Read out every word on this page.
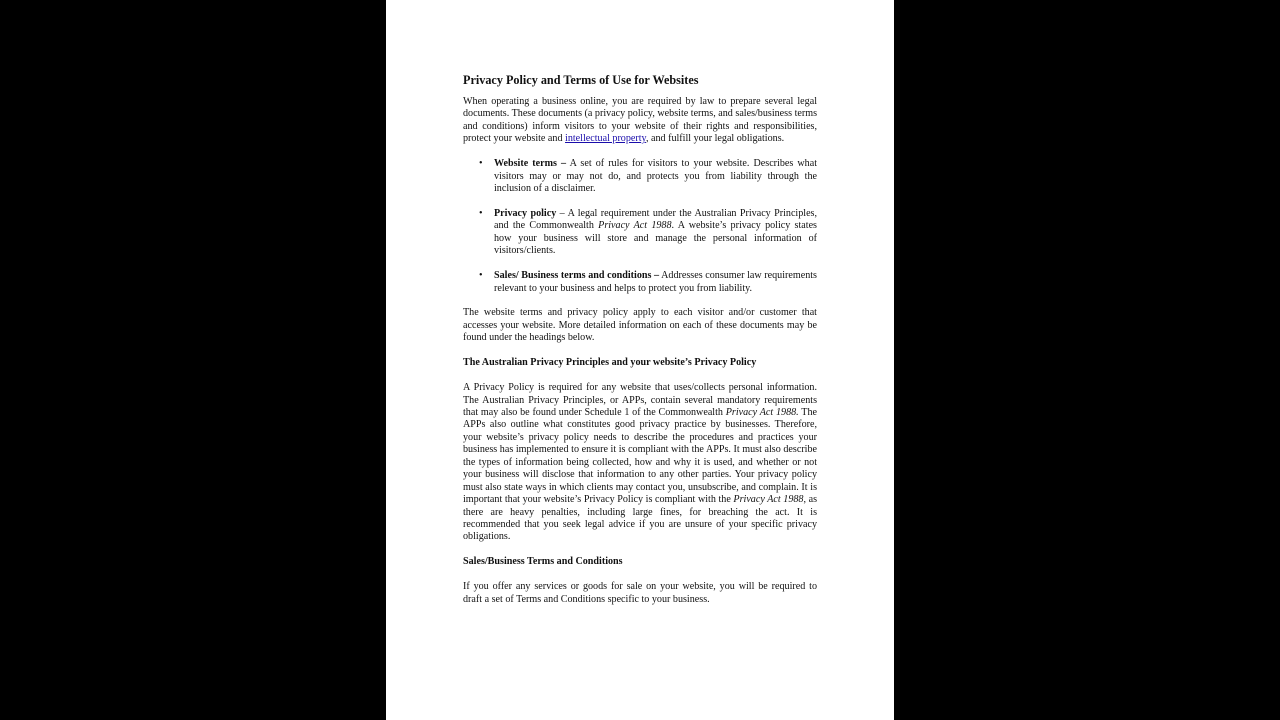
Privacy Policy and Terms of Use for Websites

When operating a business online, you are required by law to prepare several legal documents. These documents (a privacy policy, website terms, and sales/business terms and conditions) inform visitors to your website of their rights and responsibilities, protect your website and intellectual property, and fulfill your legal obligations.

• Website terms – A set of rules for visitors to your website. Describes what visitors may or may not do, and protects you from liability through the inclusion of a disclaimer.
• Privacy policy – A legal requirement under the Australian Privacy Principles, and the Commonwealth Privacy Act 1988. A website’s privacy policy states how your business will store and manage the personal information of visitors/clients.
• Sales/ Business terms and conditions – Addresses consumer law requirements relevant to your business and helps to protect you from liability.

The website terms and privacy policy apply to each visitor and/or customer that accesses your website. More detailed information on each of these documents may be found under the headings below.

The Australian Privacy Principles and your website’s Privacy Policy

A Privacy Policy is required for any website that uses/collects personal information. The Australian Privacy Principles, or APPs, contain several mandatory requirements that may also be found under Schedule 1 of the Commonwealth Privacy Act 1988. The APPs also outline what constitutes good privacy practice by businesses. Therefore, your website’s privacy policy needs to describe the procedures and practices your business has implemented to ensure it is compliant with the APPs. It must also describe the types of information being collected, how and why it is used, and whether or not your business will disclose that information to any other parties. Your privacy policy must also state ways in which clients may contact you, unsubscribe, and complain. It is important that your website’s Privacy Policy is compliant with the Privacy Act 1988, as there are heavy penalties, including large fines, for breaching the act. It is recommended that you seek legal advice if you are unsure of your specific privacy obligations.

Sales/Business Terms and Conditions

If you offer any services or goods for sale on your website, you will be required to draft a set of Terms and Conditions specific to your business.
